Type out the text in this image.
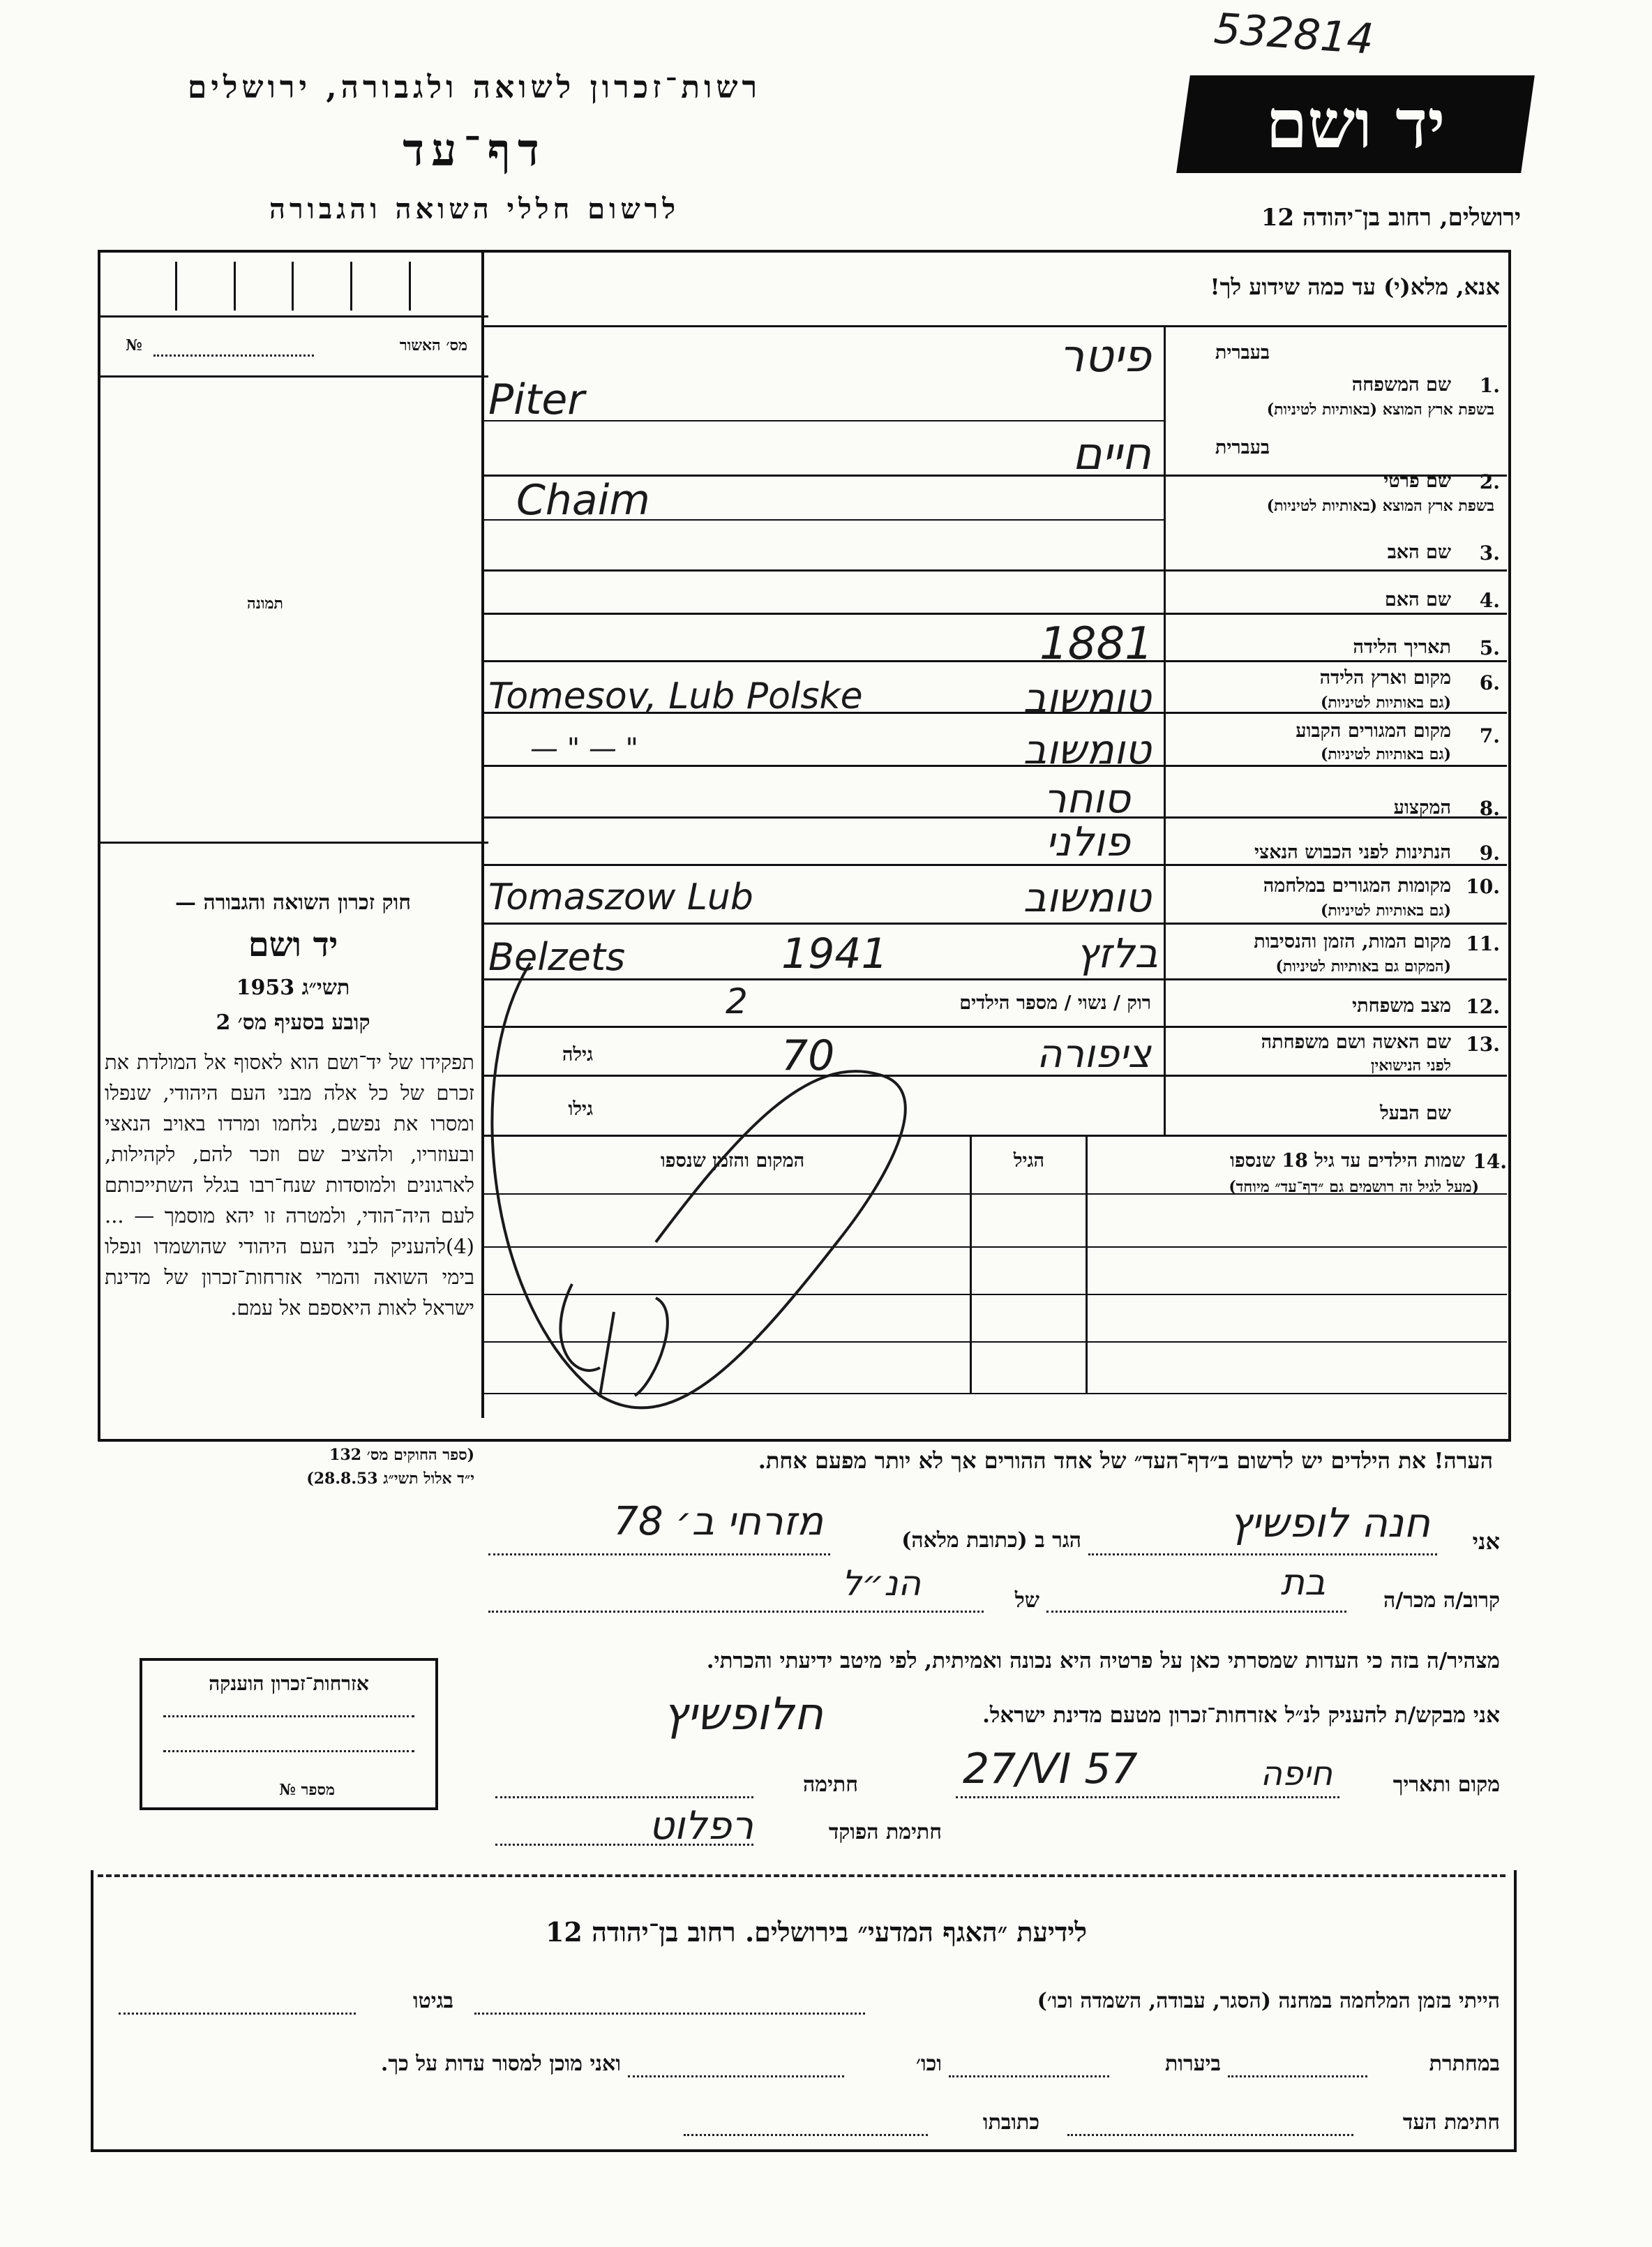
532814
רשות־זכרון לשואה ולגבורה, ירושלים
דף־עד
לרשום חללי השואה והגבורה
יד ושם
ירושלים, רחוב בן־יהודה 12
אנא, מלא(י) עד כמה שידוע לך!
מס׳ האשור
№
תמונה
חוק זכרון השואה והגבורה —
יד ושם
תשי״ג 1953
קובע בסעיף מס׳ 2
תפקידו של יד־ושם הוא לאסוף אל המולדת את זכרם של כל אלה מבני העם היהודי, שנפלו ומסרו את נפשם, נלחמו ומרדו באויב הנאצי ובעוזריו, ולהציב שם וזכר להם, לקהילות, לארגונים ולמוסדות שנח־רבו בגלל השתייכותם לעם היה־הודי, ולמטרה זו יהא מוסמך — ...(4)להעניק לבני העם היהודי שהושמדו ונפלו בימי השואה והמרי אזרחות־זכרון של מדינת ישראל לאות היאספם אל עמם.
(ספר החוקים מס׳ 132
י״ד אלול תשי״ג 28.8.53)
אזרחות־זכרון הוענקה
מספר №
בעברית
1.
שם המשפחה
בשפת ארץ המוצא (באותיות לטיניות)
פיטר
Piter
בעברית
2.
שם פרטי
בשפת ארץ המוצא (באותיות לטיניות)
חיים
Chaim
3.
שם האב
4.
שם האם
5.
תאריך הלידה
1881
6.
מקום וארץ הלידה
(גם באותיות לטיניות)
Tomesov, Lub Polske	טומשוב
7.
מקום המגורים הקבוע
(גם באותיות לטיניות)
— " — "	טומשוב
8.
המקצוע
סוחר
9.
הנתינות לפני הכבוש הנאצי
פולני
10.
מקומות המגורים במלחמה
(גם באותיות לטיניות)
Tomaszow Lub	טומשוב
11.
מקום המות, הזמן והנסיבות
(המקום גם באותיות לטיניות)
Belzets	1941	בלזץ
12.
מצב משפחתי
רוק / נשוי / מספר הילדים
2
13.
שם האשה ושם משפחתה
לפני הנישואין
ציפורה
גילה	70
שם הבעל
גילו
14.
שמות הילדים עד גיל 18 שנספו
(מעל לגיל זה רושמים גם ״דף־עד״ מיוחד)
הגיל
המקום והזמן שנספו
הערה! את הילדים יש לרשום ב״דף־העד״ של אחד ההורים אך לא יותר מפעם אחת.
אני
חנה לופשיץ
הגר ב (כתובת מלאה)
מזרחי ב׳ 78
קרוב/ה מכר/ה
בת
של
הנ״ל
מצהיר/ה בזה כי העדות שמסרתי כאן על פרטיה היא נכונה ואמיתית, לפי מיטב ידיעתי והכרתי.
אני מבקש/ת להעניק לנ״ל אזרחות־זכרון מטעם מדינת ישראל.
מקום ותאריך
27/VI 57	חיפה
חתימה
חלופשיץ
חתימת הפוקד
רפלוט
לידיעת ״האגף המדעי״ בירושלים. רחוב בן־יהודה 12
הייתי בזמן המלחמה במחנה (הסגר, עבודה, השמדה וכו׳)
בגיטו
במחתרת
ביערות
וכו׳
ואני מוכן למסור עדות על כך.
חתימת העד
כתובתו
